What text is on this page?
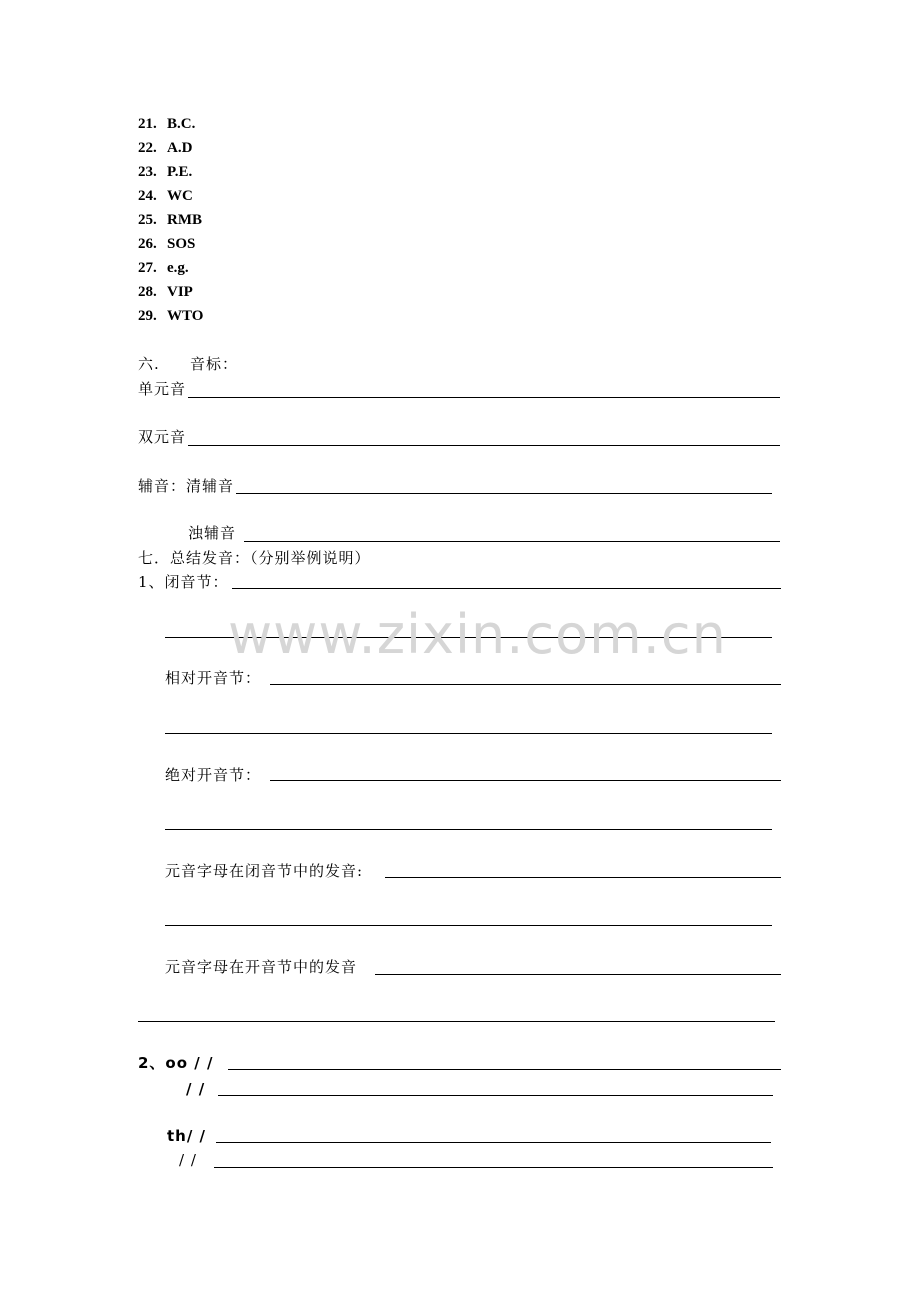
21. B.C.
22. A.D
23. P.E.
24. WC
25. RMB
26. SOS
27. e.g.
28. VIP
29. WTO
六. 音标：
单元音
双元音
辅音：清辅音
浊辅音
七．总结发音：（分别举例说明）
1、闭音节：
相对开音节：
绝对开音节：
元音字母在闭音节中的发音:
元音字母在开音节中的发音
2、oo / /
/ /
th/ /
/ /
www.zixin.com.cn
